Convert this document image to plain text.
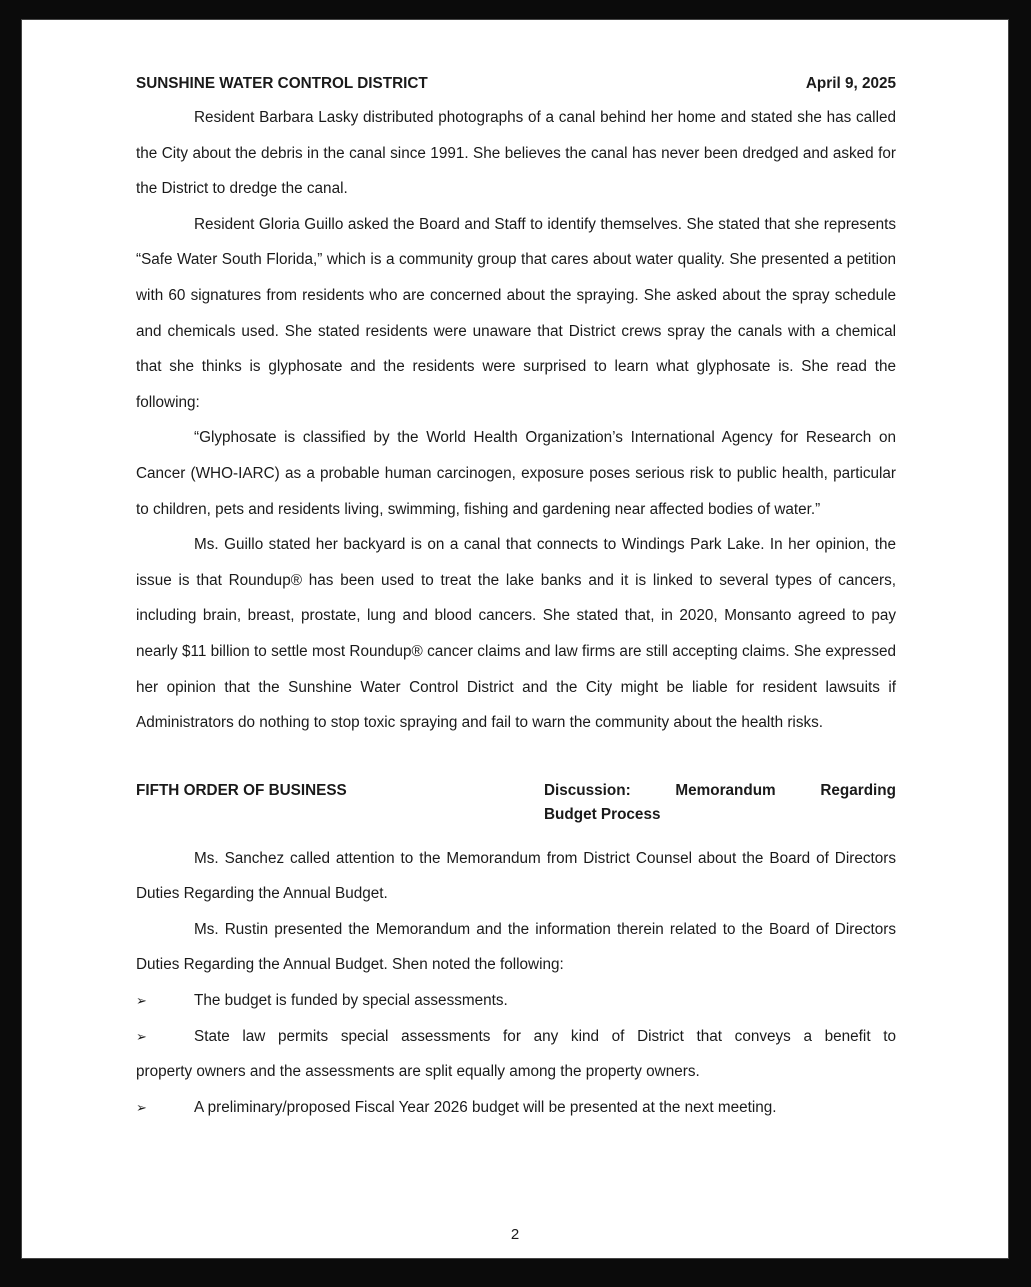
SUNSHINE WATER CONTROL DISTRICT	April 9, 2025

Resident Barbara Lasky distributed photographs of a canal behind her home and stated she has called the City about the debris in the canal since 1991. She believes the canal has never been dredged and asked for the District to dredge the canal.

Resident Gloria Guillo asked the Board and Staff to identify themselves. She stated that she represents “Safe Water South Florida,” which is a community group that cares about water quality. She presented a petition with 60 signatures from residents who are concerned about the spraying. She asked about the spray schedule and chemicals used. She stated residents were unaware that District crews spray the canals with a chemical that she thinks is glyphosate and the residents were surprised to learn what glyphosate is. She read the following:

“Glyphosate is classified by the World Health Organization’s International Agency for Research on Cancer (WHO-IARC) as a probable human carcinogen, exposure poses serious risk to public health, particular to children, pets and residents living, swimming, fishing and gardening near affected bodies of water.”

Ms. Guillo stated her backyard is on a canal that connects to Windings Park Lake. In her opinion, the issue is that Roundup® has been used to treat the lake banks and it is linked to several types of cancers, including brain, breast, prostate, lung and blood cancers. She stated that, in 2020, Monsanto agreed to pay nearly $11 billion to settle most Roundup® cancer claims and law firms are still accepting claims. She expressed her opinion that the Sunshine Water Control District and the City might be liable for resident lawsuits if Administrators do nothing to stop toxic spraying and fail to warn the community about the health risks.

FIFTH ORDER OF BUSINESS	Discussion:	Memorandum	Regarding
Budget Process

Ms. Sanchez called attention to the Memorandum from District Counsel about the Board of Directors Duties Regarding the Annual Budget.

Ms. Rustin presented the Memorandum and the information therein related to the Board of Directors Duties Regarding the Annual Budget. Shen noted the following:

➢	The budget is funded by special assessments.
➢	State law permits special assessments for any kind of District that conveys a benefit to

property owners and the assessments are split equally among the property owners.

➢	A preliminary/proposed Fiscal Year 2026 budget will be presented at the next meeting.
2
